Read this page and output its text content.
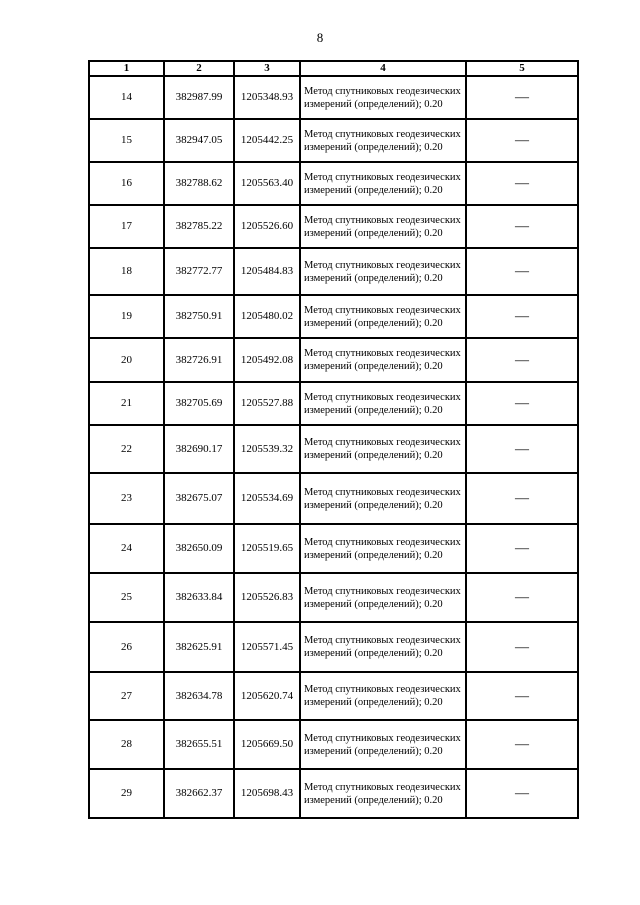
8
1	2	3	4	5
14	382987.99	1205348.93	Метод спутниковых геодезических измерений (определений); 0.20	—
15	382947.05	1205442.25	Метод спутниковых геодезических измерений (определений); 0.20	—
16	382788.62	1205563.40	Метод спутниковых геодезических измерений (определений); 0.20	—
17	382785.22	1205526.60	Метод спутниковых геодезических измерений (определений); 0.20	—
18	382772.77	1205484.83	Метод спутниковых геодезических измерений (определений); 0.20	—
19	382750.91	1205480.02	Метод спутниковых геодезических измерений (определений); 0.20	—
20	382726.91	1205492.08	Метод спутниковых геодезических измерений (определений); 0.20	—
21	382705.69	1205527.88	Метод спутниковых геодезических измерений (определений); 0.20	—
22	382690.17	1205539.32	Метод спутниковых геодезических измерений (определений); 0.20	—
23	382675.07	1205534.69	Метод спутниковых геодезических измерений (определений); 0.20	—
24	382650.09	1205519.65	Метод спутниковых геодезических измерений (определений); 0.20	—
25	382633.84	1205526.83	Метод спутниковых геодезических измерений (определений); 0.20	—
26	382625.91	1205571.45	Метод спутниковых геодезических измерений (определений); 0.20	—
27	382634.78	1205620.74	Метод спутниковых геодезических измерений (определений); 0.20	—
28	382655.51	1205669.50	Метод спутниковых геодезических измерений (определений); 0.20	—
29	382662.37	1205698.43	Метод спутниковых геодезических измерений (определений); 0.20	—
